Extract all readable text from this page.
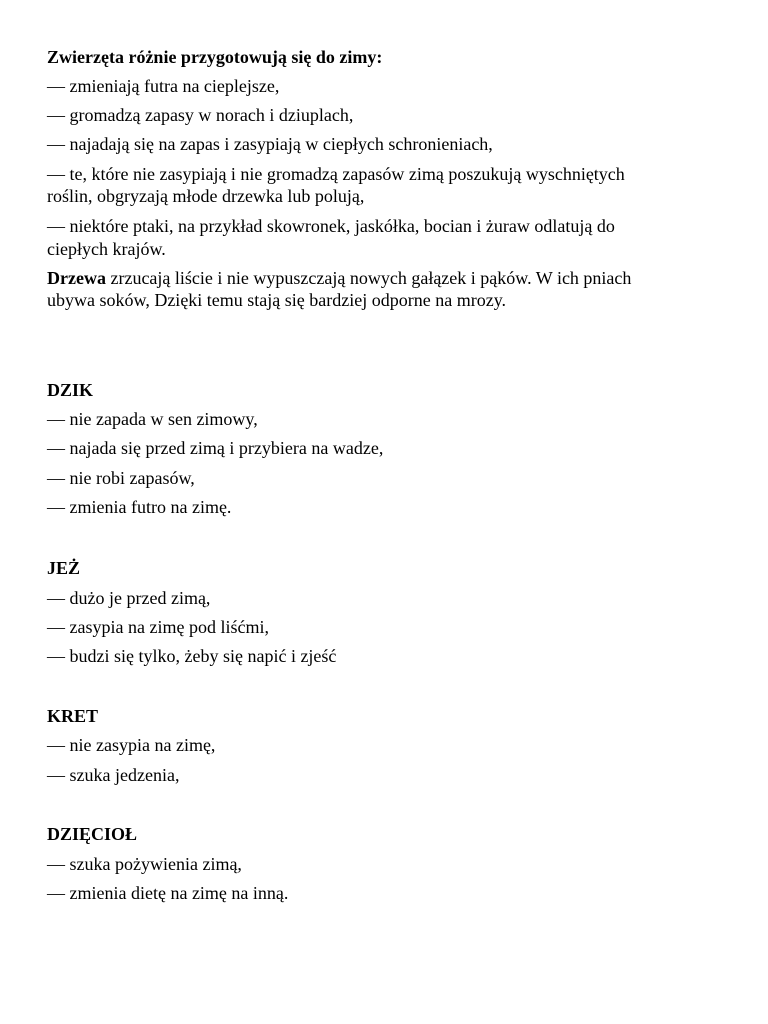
Zwierzęta różnie przygotowują się do zimy:
— zmieniają futra na cieplejsze,
— gromadzą zapasy w norach i dziuplach,
— najadają się na zapas i zasypiają w ciepłych schronieniach,
— te, które nie zasypiają i nie gromadzą zapasów zimą poszukują wyschniętych
roślin, obgryzają młode drzewka lub polują,
— niektóre ptaki, na przykład skowronek, jaskółka, bocian i żuraw odlatują do
ciepłych krajów.
Drzewa zrzucają liście i nie wypuszczają nowych gałązek i pąków. W ich pniach
ubywa soków, Dzięki temu stają się bardziej odporne na mrozy.
DZIK
— nie zapada w sen zimowy,
— najada się przed zimą i przybiera na wadze,
— nie robi zapasów,
— zmienia futro na zimę.
JEŻ
— dużo je przed zimą,
— zasypia na zimę pod liśćmi,
— budzi się tylko, żeby się napić i zjeść
KRET
— nie zasypia na zimę,
— szuka jedzenia,
DZIĘCIOŁ
— szuka pożywienia zimą,
— zmienia dietę na zimę na inną.
